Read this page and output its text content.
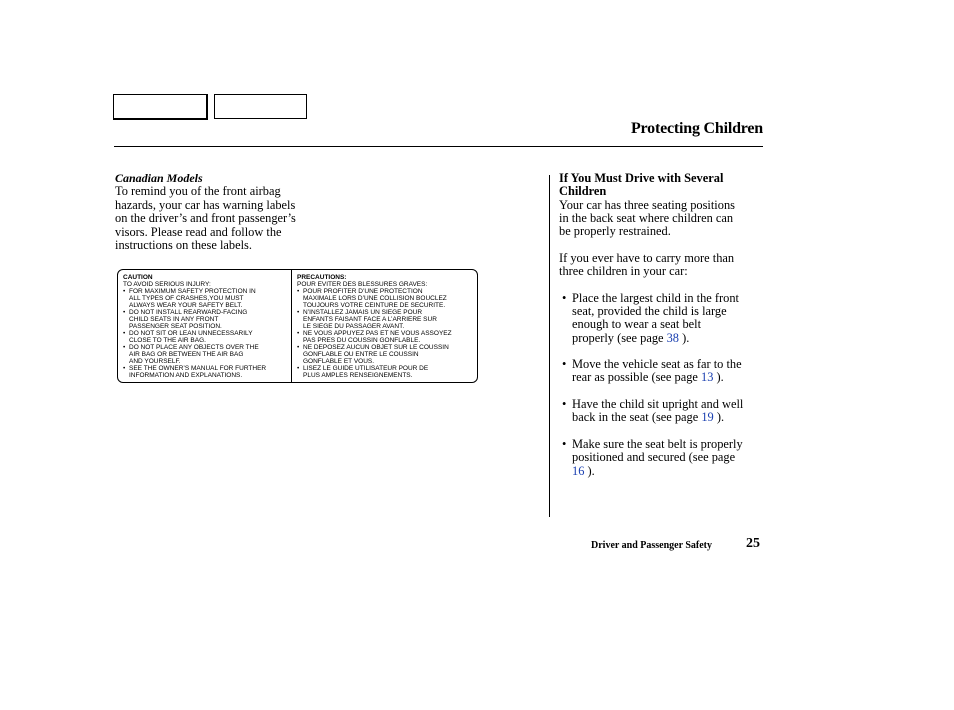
Protecting Children

Canadian Models

To remind you of the front airbag
hazards, your car has warning labels
on the driver’s and front passenger’s
visors. Please read and follow the
instructions on these labels.
CAUTION
TO AVOID SERIOUS INJURY:
• FOR MAXIMUM SAFETY PROTECTION IN
ALL TYPES OF CRASHES,YOU MUST
ALWAYS WEAR YOUR SAFETY BELT.
• DO NOT INSTALL REARWARD-FACING
CHILD SEATS IN ANY FRONT
PASSENGER SEAT POSITION.
• DO NOT SIT OR LEAN UNNECESSARILY
CLOSE TO THE AIR BAG.
• DO NOT PLACE ANY OBJECTS OVER THE
AIR BAG OR BETWEEN THE AIR BAG
AND YOURSELF.
• SEE THE OWNER’S MANUAL FOR FURTHER
INFORMATION AND EXPLANATIONS.
PRECAUTIONS:
POUR EVITER DES BLESSURES GRAVES:
• POUR PROFITER D’UNE PROTECTION
MAXIMALE LORS D’UNE COLLISION BOUCLEZ
TOUJOURS VOTRE CEINTURE DE SECURITE.
• N’INSTALLEZ JAMAIS UN SIEGE POUR
ENFANTS FAISANT FACE A L’ARRIERE SUR
LE SIEGE DU PASSAGER AVANT.
• NE VOUS APPUYEZ PAS ET NE VOUS ASSOYEZ
PAS PRES DU COUSSIN GONFLABLE.
• NE DEPOSEZ AUCUN OBJET SUR LE COUSSIN
GONFLABLE OU ENTRE LE COUSSIN
GONFLABLE ET VOUS.
• LISEZ LE GUIDE UTILISATEUR POUR DE
PLUS AMPLES RENSEIGNEMENTS.
If You Must Drive with Several
Children
Your car has three seating positions
in the back seat where children can
be properly restrained.
If you ever have to carry more than
three children in your car:
• Place the largest child in the front
seat, provided the child is large
enough to wear a seat belt
properly (see page 38 ).
• Move the vehicle seat as far to the
rear as possible (see page 13 ).
• Have the child sit upright and well
back in the seat (see page 19 ).
• Make sure the seat belt is properly
positioned and secured (see page
16 ).
Driver and Passenger Safety 25
